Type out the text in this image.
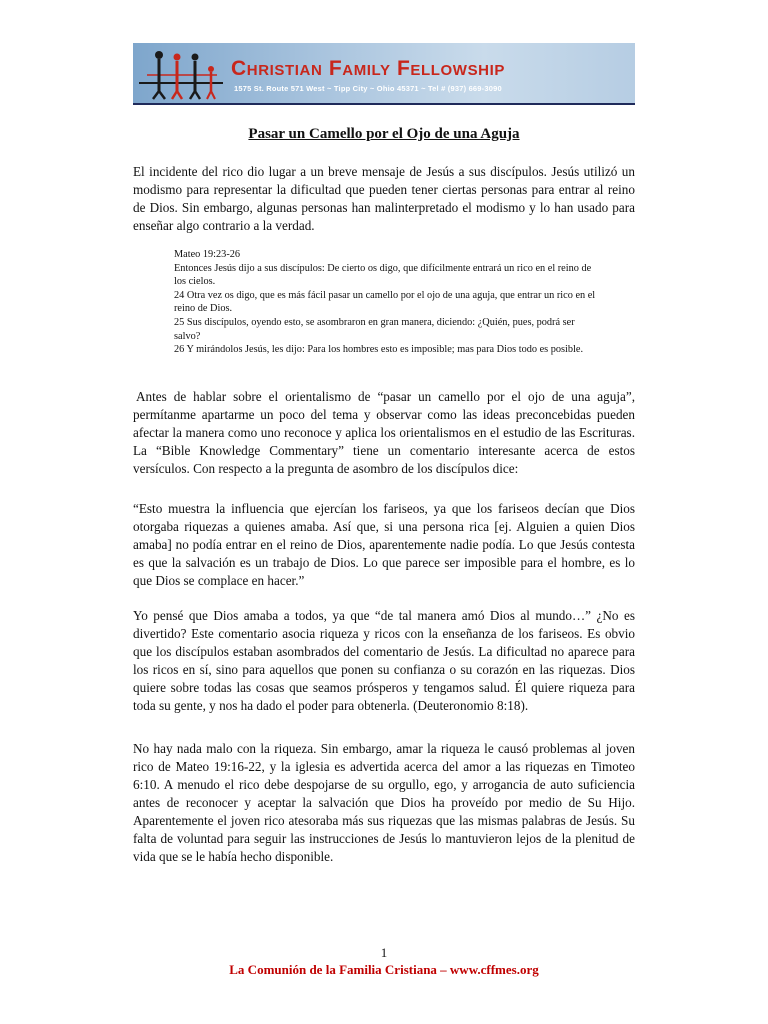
Christian Family Fellowship
1575 St. Route 571 West ~ Tipp City ~ Ohio 45371 ~ Tel # (937) 669-3090
Pasar un Camello por el Ojo de una Aguja

El incidente del rico dio lugar a un breve mensaje de Jesús a sus discípulos. Jesús utilizó un modismo para representar la dificultad que pueden tener ciertas personas para entrar al reino de Dios. Sin embargo, algunas personas han malinterpretado el modismo y lo han usado para enseñar algo contrario a la verdad.

Mateo 19:23-26
Entonces Jesús dijo a sus discípulos: De cierto os digo, que difícilmente entrará un rico en el reino de los cielos.
24 Otra vez os digo, que es más fácil pasar un camello por el ojo de una aguja, que entrar un rico en el reino de Dios.
25 Sus discípulos, oyendo esto, se asombraron en gran manera, diciendo: ¿Quién, pues, podrá ser salvo?
26 Y mirándolos Jesús, les dijo: Para los hombres esto es imposible; mas para Dios todo es posible.

Antes de hablar sobre el orientalismo de “pasar un camello por el ojo de una aguja”, permítanme apartarme un poco del tema y observar como las ideas preconcebidas pueden afectar la manera como uno reconoce y aplica los orientalismos en el estudio de las Escrituras. La “Bible Knowledge Commentary” tiene un comentario interesante acerca de estos versículos. Con respecto a la pregunta de asombro de los discípulos dice:

“Esto muestra la influencia que ejercían los fariseos, ya que los fariseos decían que Dios otorgaba riquezas a quienes amaba. Así que, si una persona rica [ej. Alguien a quien Dios amaba] no podía entrar en el reino de Dios, aparentemente nadie podía. Lo que Jesús contesta es que la salvación es un trabajo de Dios. Lo que parece ser imposible para el hombre, es lo que Dios se complace en hacer.”

Yo pensé que Dios amaba a todos, ya que “de tal manera amó Dios al mundo…” ¿No es divertido? Este comentario asocia riqueza y ricos con la enseñanza de los fariseos. Es obvio que los discípulos estaban asombrados del comentario de Jesús. La dificultad no aparece para los ricos en sí, sino para aquellos que ponen su confianza o su corazón en las riquezas. Dios quiere sobre todas las cosas que seamos prósperos y tengamos salud. Él quiere riqueza para toda su gente, y nos ha dado el poder para obtenerla. (Deuteronomio 8:18).

No hay nada malo con la riqueza. Sin embargo, amar la riqueza le causó problemas al joven rico de Mateo 19:16-22, y la iglesia es advertida acerca del amor a las riquezas en Timoteo 6:10. A menudo el rico debe despojarse de su orgullo, ego, y arrogancia de auto suficiencia antes de reconocer y aceptar la salvación que Dios ha proveído por medio de Su Hijo. Aparentemente el joven rico atesoraba más sus riquezas que las mismas palabras de Jesús. Su falta de voluntad para seguir las instrucciones de Jesús lo mantuvieron lejos de la plenitud de vida que se le había hecho disponible.

1
La Comunión de la Familia Cristiana – www.cffmes.org
